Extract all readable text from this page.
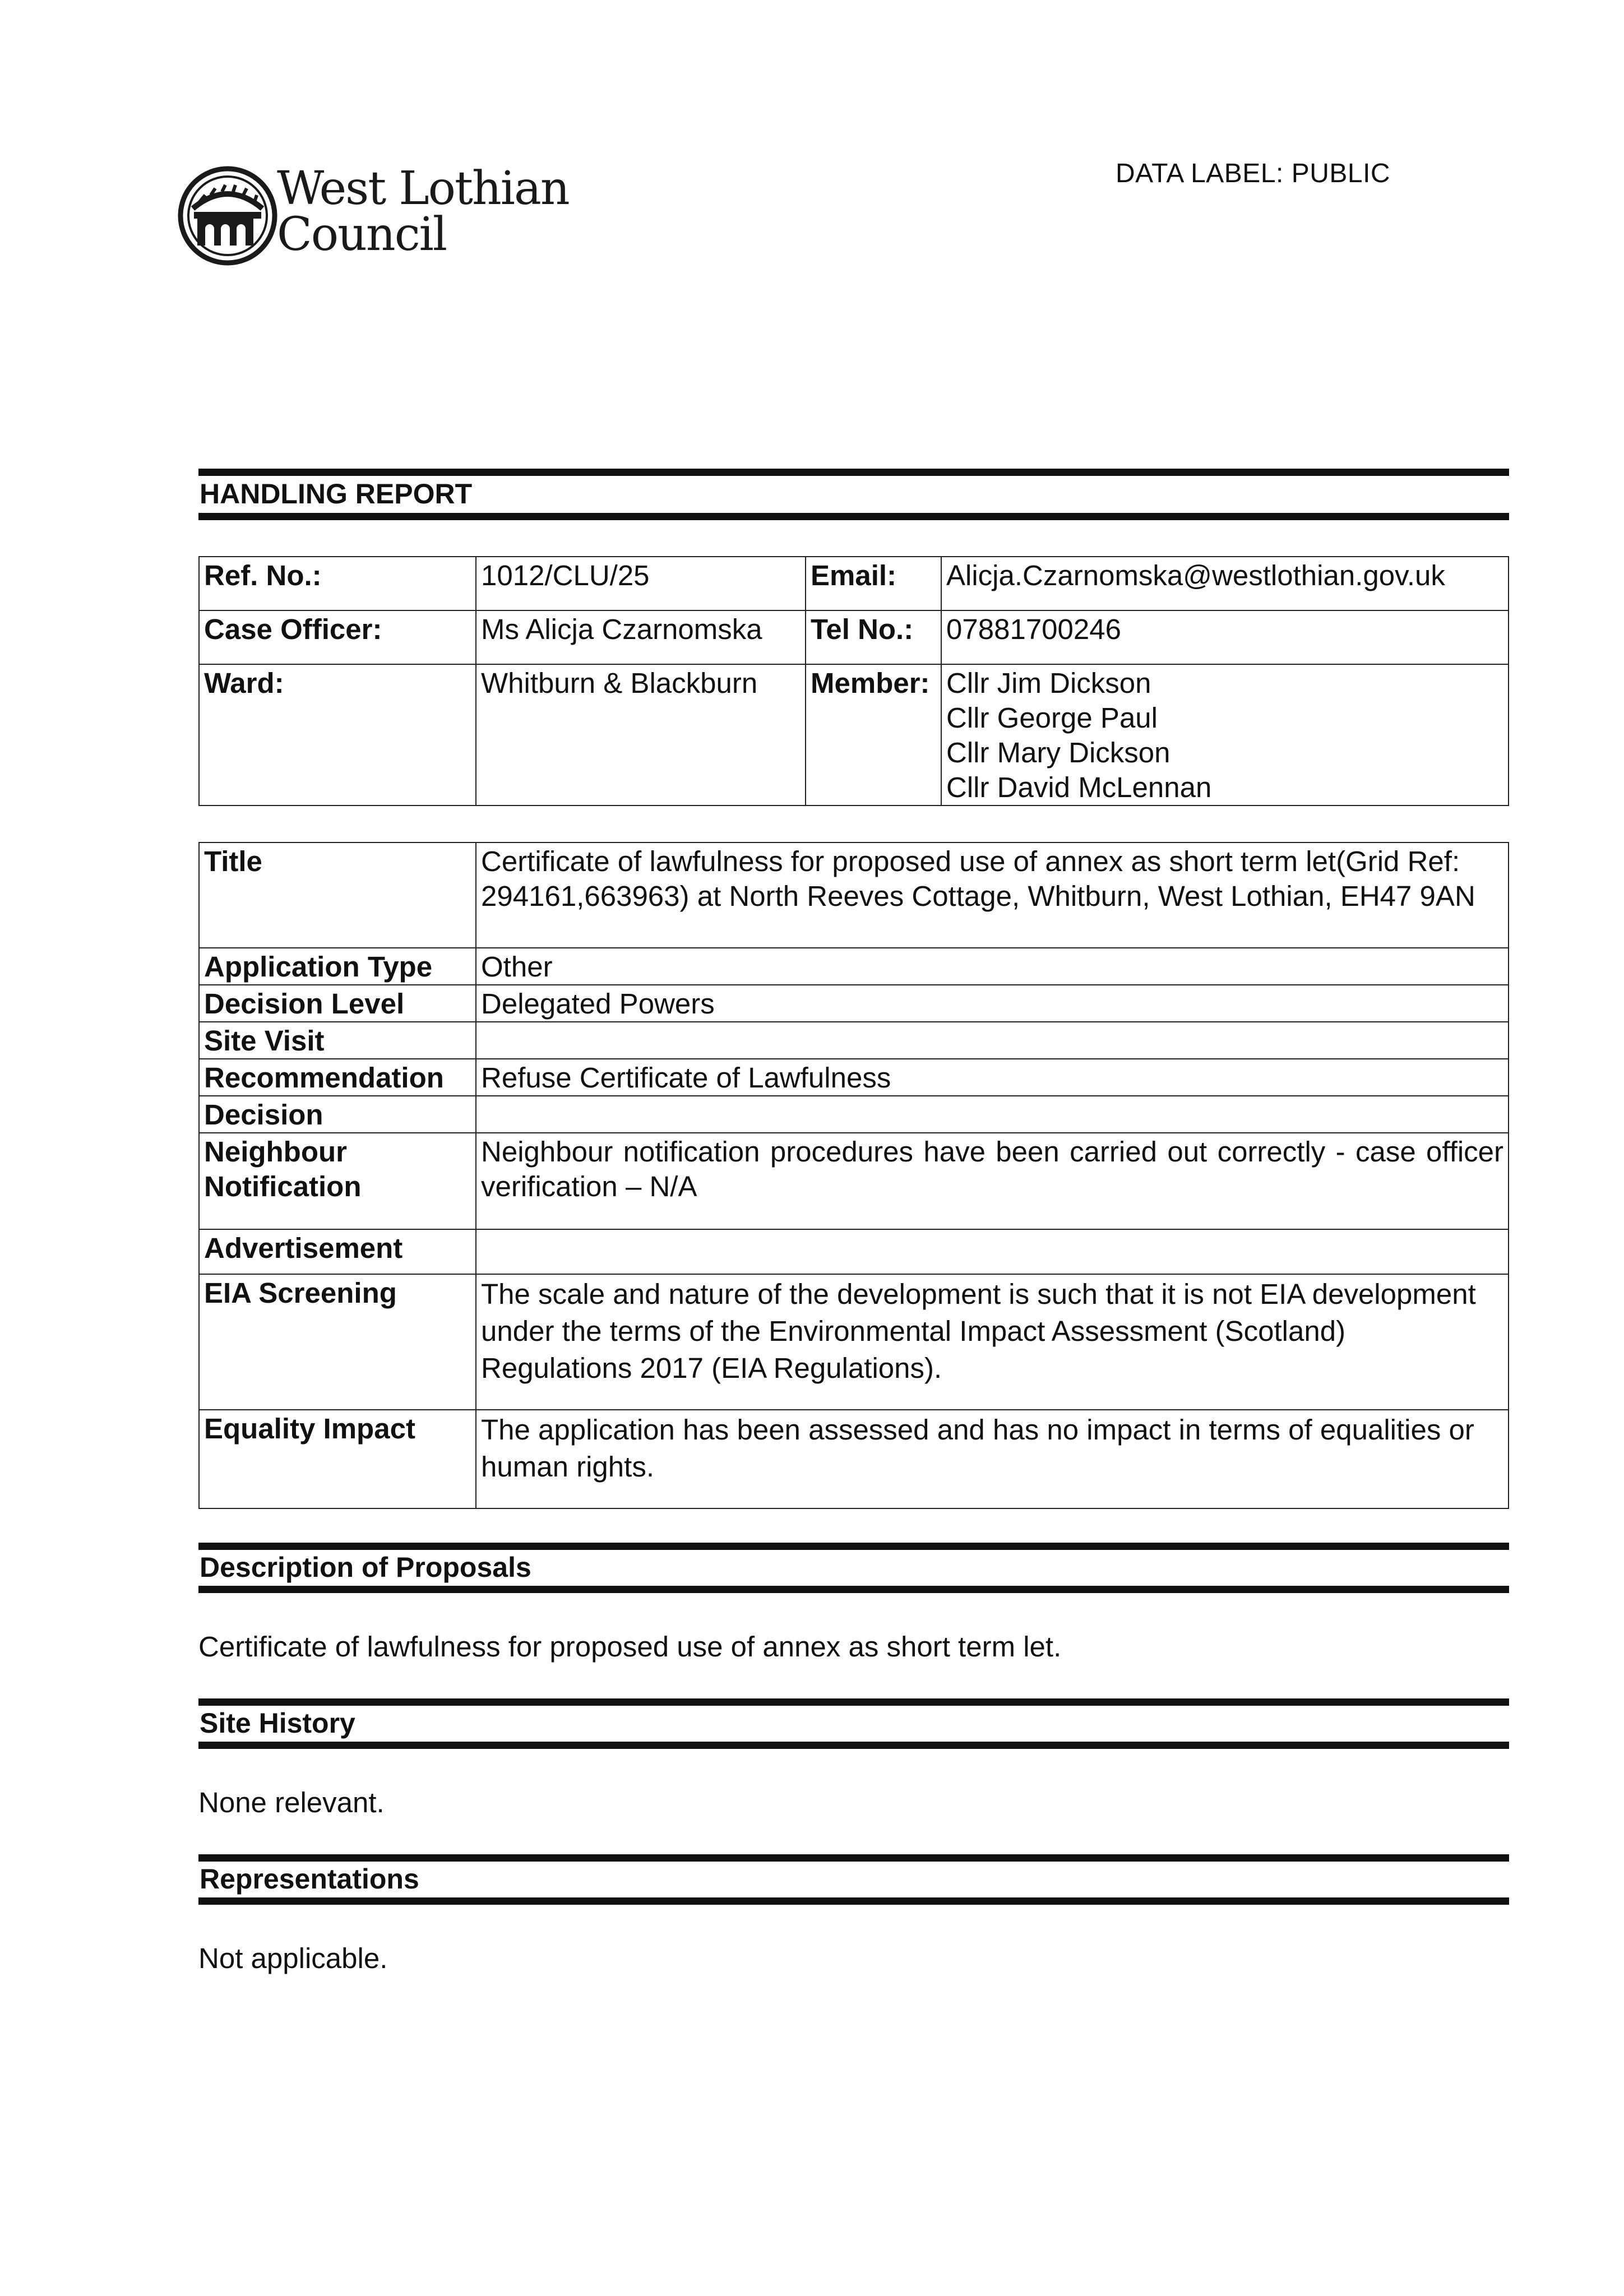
West Lothian
Council
DATA LABEL: PUBLIC
HANDLING REPORT
Ref. No.:	1012/CLU/25	Email:	Alicja.Czarnomska@westlothian.gov.uk
Case Officer:	Ms Alicja Czarnomska	Tel No.:	07881700246
Ward:	Whitburn & Blackburn	Member:	Cllr Jim Dickson
Cllr George Paul
Cllr Mary Dickson
Cllr David McLennan
Title	Certificate of lawfulness for proposed use of annex as short term let(Grid Ref: 294161,663963) at North Reeves Cottage, Whitburn, West Lothian, EH47 9AN
Application Type	Other
Decision Level	Delegated Powers
Site Visit	
Recommendation	Refuse Certificate of Lawfulness
Decision	
Neighbour Notification	Neighbour notification procedures have been carried out correctly - case officer verification – N/A
Advertisement	
EIA Screening	The scale and nature of the development is such that it is not EIA development under the terms of the Environmental Impact Assessment (Scotland) Regulations 2017 (EIA Regulations).
Equality Impact	The application has been assessed and has no impact in terms of equalities or human rights.
Description of Proposals
Certificate of lawfulness for proposed use of annex as short term let.
Site History
None relevant.
Representations
Not applicable.
